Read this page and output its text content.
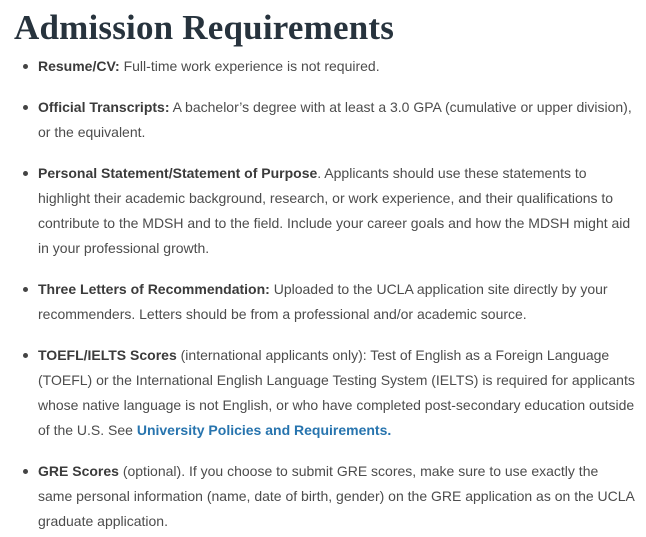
Admission Requirements
Resume/CV: Full-time work experience is not required.
Official Transcripts: A bachelor’s degree with at least a 3.0 GPA (cumulative or upper division), or the equivalent.
Personal Statement/Statement of Purpose. Applicants should use these statements to highlight their academic background, research, or work experience, and their qualifications to contribute to the MDSH and to the field. Include your career goals and how the MDSH might aid in your professional growth.
Three Letters of Recommendation: Uploaded to the UCLA application site directly by your recommenders. Letters should be from a professional and/or academic source.
TOEFL/IELTS Scores (international applicants only): Test of English as a Foreign Language (TOEFL) or the International English Language Testing System (IELTS) is required for applicants whose native language is not English, or who have completed post-secondary education outside of the U.S. See University Policies and Requirements.
GRE Scores (optional). If you choose to submit GRE scores, make sure to use exactly the same personal information (name, date of birth, gender) on the GRE application as on the UCLA graduate application.
